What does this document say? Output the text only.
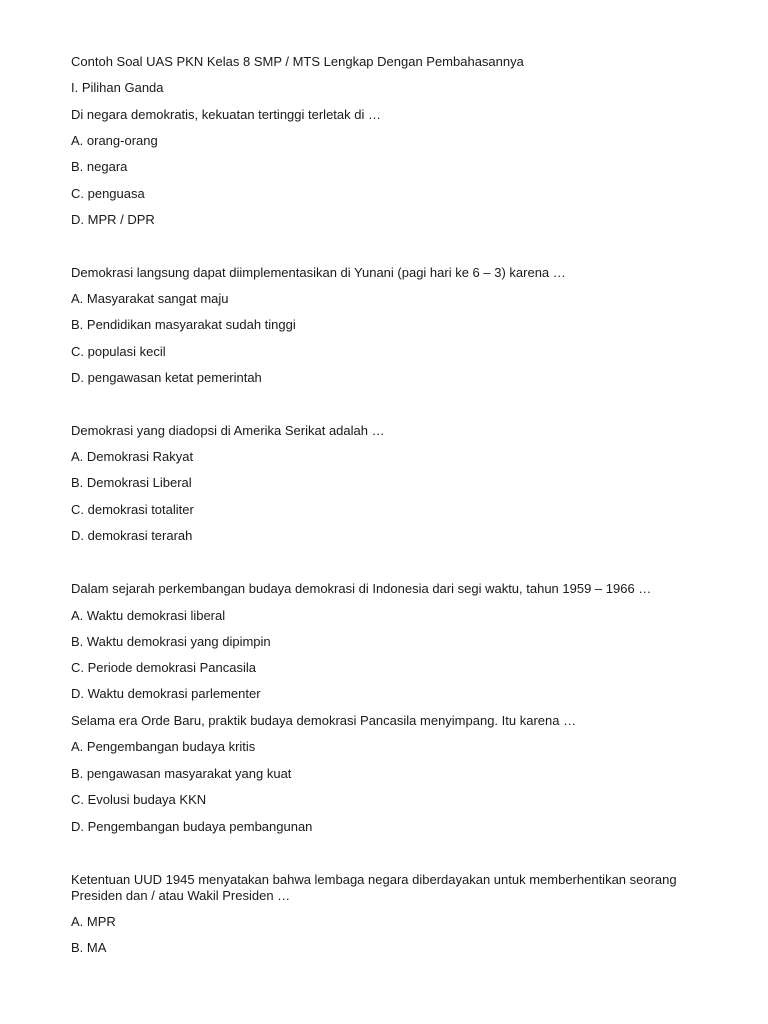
Contoh Soal UAS PKN Kelas 8 SMP / MTS Lengkap Dengan Pembahasannya
I. Pilihan Ganda
Di negara demokratis, kekuatan tertinggi terletak di …
A. orang-orang
B. negara
C. penguasa
D. MPR / DPR
Demokrasi langsung dapat diimplementasikan di Yunani (pagi hari ke 6 – 3) karena …
A. Masyarakat sangat maju
B. Pendidikan masyarakat sudah tinggi
C. populasi kecil
D. pengawasan ketat pemerintah
Demokrasi yang diadopsi di Amerika Serikat adalah …
A. Demokrasi Rakyat
B. Demokrasi Liberal
C. demokrasi totaliter
D. demokrasi terarah
Dalam sejarah perkembangan budaya demokrasi di Indonesia dari segi waktu, tahun 1959 – 1966 …
A. Waktu demokrasi liberal
B. Waktu demokrasi yang dipimpin
C. Periode demokrasi Pancasila
D. Waktu demokrasi parlementer
Selama era Orde Baru, praktik budaya demokrasi Pancasila menyimpang. Itu karena …
A. Pengembangan budaya kritis
B. pengawasan masyarakat yang kuat
C. Evolusi budaya KKN
D. Pengembangan budaya pembangunan
Ketentuan UUD 1945 menyatakan bahwa lembaga negara diberdayakan untuk memberhentikan seorang Presiden dan / atau Wakil Presiden …
A. MPR
B. MA
